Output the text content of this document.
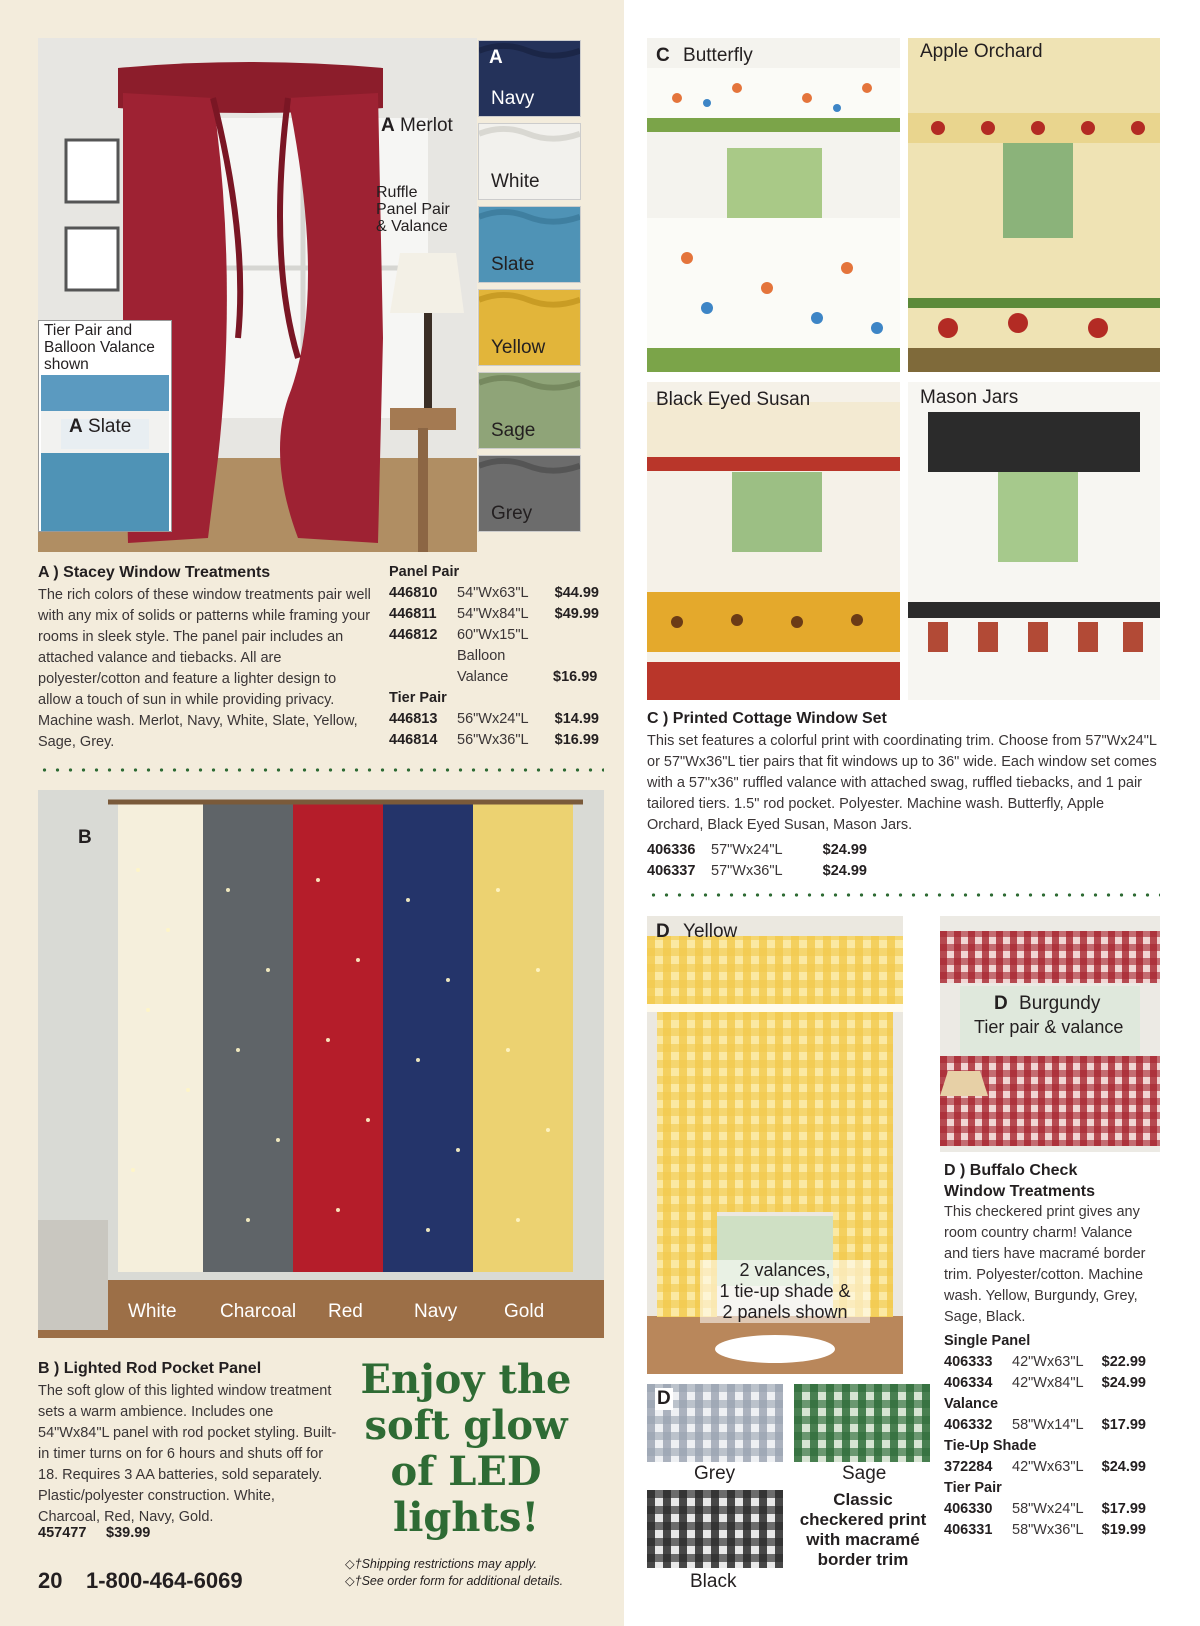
A Merlot
Ruffle
Panel Pair
& Valance
Tier Pair and
Balloon Valance
shown
A Slate
A
Navy
White
Slate
Yellow
Sage
Grey
A ) Stacey Window Treatments
The rich colors of these window treatments pair well with any mix of solids or patterns while framing your rooms in sleek style. The panel pair includes an attached valance and tiebacks. All are polyester/cotton and feature a lighter design to allow a touch of sun in while providing privacy. Machine wash. Merlot, Navy, White, Slate, Yellow, Sage, Grey.
Panel Pair
446810	54"Wx63"L	$44.99
446811	54"Wx84"L	$49.99
446812	60"Wx15"L Balloon Valance	$16.99
Tier Pair
446813	56"Wx24"L	$14.99
446814	56"Wx36"L	$16.99
B
White Charcoal Red	Navy Gold
B ) Lighted Rod Pocket Panel
The soft glow of this lighted window treatment sets a warm ambience. Includes one 54"Wx84"L panel with rod pocket styling. Built-in timer turns on for 6 hours and shuts off for 18. Requires 3 AA batteries, sold separately. Plastic/polyester construction. White, Charcoal, Red, Navy, Gold.
457477	$39.99
Enjoy the
soft glow
of LED
lights!
◇†Shipping restrictions may apply.
◇†See order form for additional details.
20 1-800-464-6069
C Butterfly	Apple Orchard
Black Eyed Susan	Mason Jars
C ) Printed Cottage Window Set
This set features a colorful print with coordinating trim. Choose from 57"Wx24"L or 57"Wx36"L tier pairs that fit windows up to 36" wide. Each window set comes with a 57"x36" ruffled valance with attached swag, ruffled tiebacks, and 1 pair tailored tiers. 1.5" rod pocket. Polyester. Machine wash. Butterfly, Apple Orchard, Black Eyed Susan, Mason Jars.
406336	57"Wx24"L	$24.99
406337	57"Wx36"L	$24.99
D Yellow
2 valances,
1 tie-up shade &
2 panels shown
D Burgundy
Tier pair & valance
D
Grey	Sage
Black
Classic
checkered print
with macramé
border trim
D ) Buffalo Check
Window Treatments
This checkered print gives any room country charm! Valance and tiers have macramé border trim. Polyester/cotton. Machine wash. Yellow, Burgundy, Grey, Sage, Black.
Single Panel
406333	42"Wx63"L	$22.99
406334	42"Wx84"L	$24.99
Valance
406332	58"Wx14"L	$17.99
Tie-Up Shade
372284	42"Wx63"L	$24.99
Tier Pair
406330	58"Wx24"L	$17.99
406331	58"Wx36"L	$19.99
